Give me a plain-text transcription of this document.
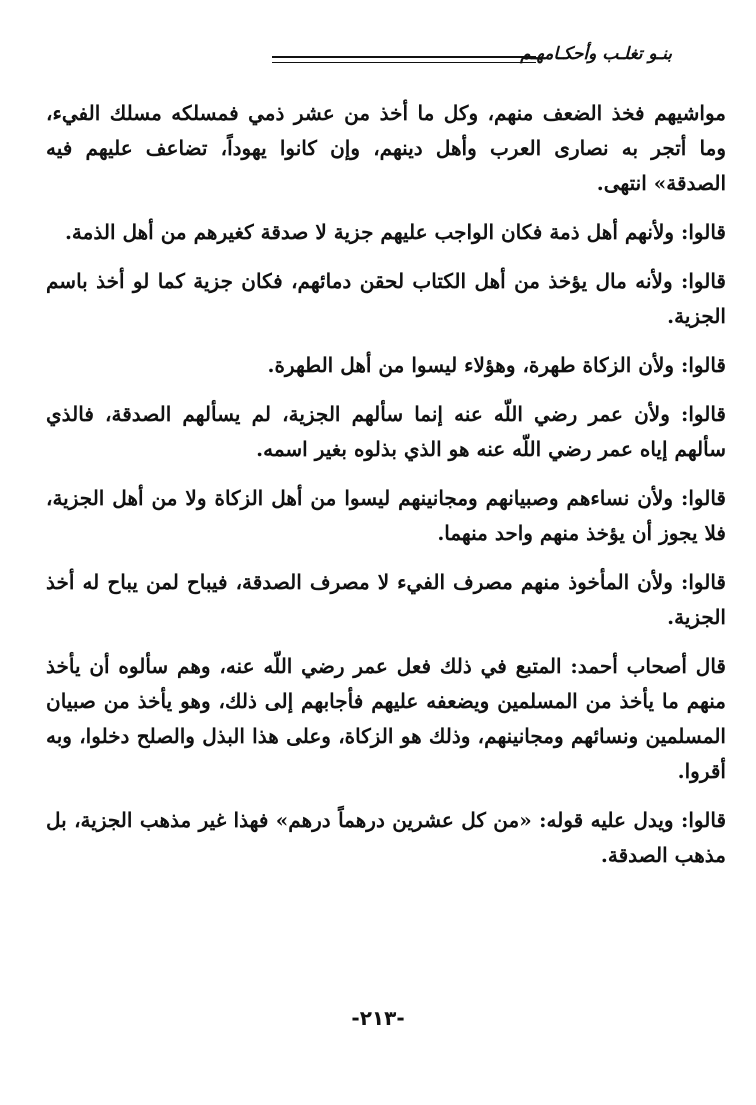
بنـو تغلـب وأحكـامهـم

مواشيهم فخذ الضعف منهم، وكل ما أخذ من عشر ذمي فمسلكه مسلك الفيء، وما أتجر به نصارى العرب وأهل دينهم، وإن كانوا يهوداً، تضاعف عليهم فيه الصدقة» انتهى.

قالوا: ولأنهم أهل ذمة فكان الواجب عليهم جزية لا صدقة كغيرهم من أهل الذمة.

قالوا: ولأنه مال يؤخذ من أهل الكتاب لحقن دمائهم، فكان جزية كما لو أخذ باسم الجزية.

قالوا: ولأن الزكاة طهرة، وهؤلاء ليسوا من أهل الطهرة.

قالوا: ولأن عمر رضي اللّه عنه إنما سألهم الجزية، لم يسألهم الصدقة، فالذي سألهم إياه عمر رضي اللّه عنه هو الذي بذلوه بغير اسمه.

قالوا: ولأن نساءهم وصبيانهم ومجانينهم ليسوا من أهل الزكاة ولا من أهل الجزية، فلا يجوز أن يؤخذ منهم واحد منهما.

قالوا: ولأن المأخوذ منهم مصرف الفيء لا مصرف الصدقة، فيباح لمن يباح له أخذ الجزية.

قال أصحاب أحمد: المتبع في ذلك فعل عمر رضي اللّه عنه، وهم سألوه أن يأخذ منهم ما يأخذ من المسلمين ويضعفه عليهم فأجابهم إلى ذلك، وهو يأخذ من صبيان المسلمين ونسائهم ومجانينهم، وذلك هو الزكاة، وعلى هذا البذل والصلح دخلوا، وبه أقروا.

قالوا: ويدل عليه قوله: «من كل عشرين درهماً درهم» فهذا غير مذهب الجزية، بل مذهب الصدقة.

-٢١٣-
